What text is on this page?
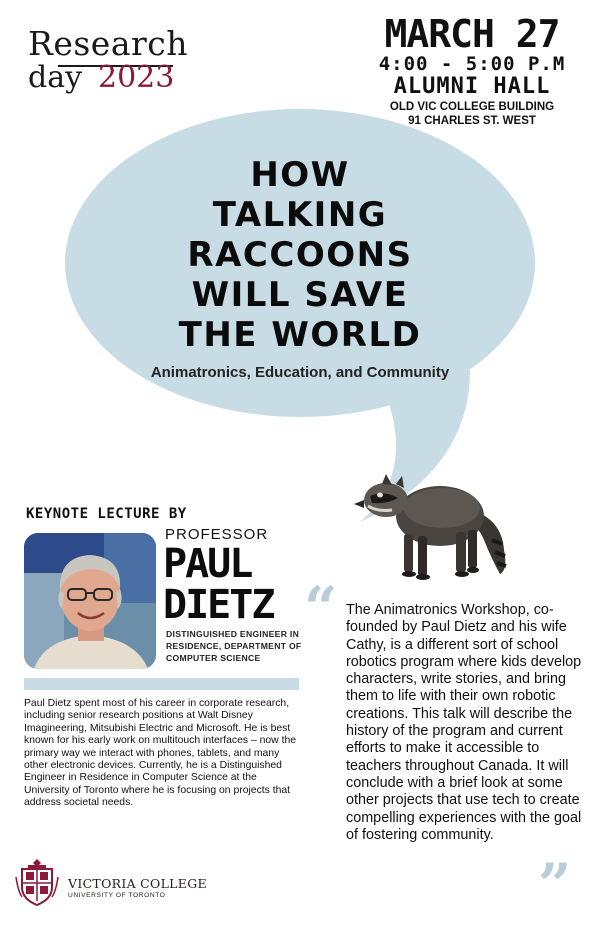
Research
day 2023
MARCH 27
4:00 - 5:00 P.M
ALUMNI HALL
OLD VIC COLLEGE BUILDING
91 CHARLES ST. WEST
HOW
TALKING
RACCOONS
WILL SAVE
THE WORLD
Animatronics, Education, and Community
KEYNOTE LECTURE BY
PROFESSOR
PAUL
DIETZ
DISTINGUISHED ENGINEER IN
RESIDENCE, DEPARTMENT OF
COMPUTER SCIENCE
Paul Dietz spent most of his career in corporate research, including senior research positions at Walt Disney Imagineering, Mitsubishi Electric and Microsoft. He is best known for his early work on multitouch interfaces – now the primary way we interact with phones, tablets, and many other electronic devices. Currently, he is a Distinguished Engineer in Residence in Computer Science at the University of Toronto where he is focusing on projects that address societal needs.
“ The Animatronics Workshop, co-founded by Paul Dietz and his wife Cathy, is a different sort of school robotics program where kids develop characters, write stories, and bring them to life with their own robotic creations. This talk will describe the history of the program and current efforts to make it accessible to teachers throughout Canada. It will conclude with a brief look at some other projects that use tech to create compelling experiences with the goal of fostering community.
”
VICTORIA COLLEGE
UNIVERSITY OF TORONTO
